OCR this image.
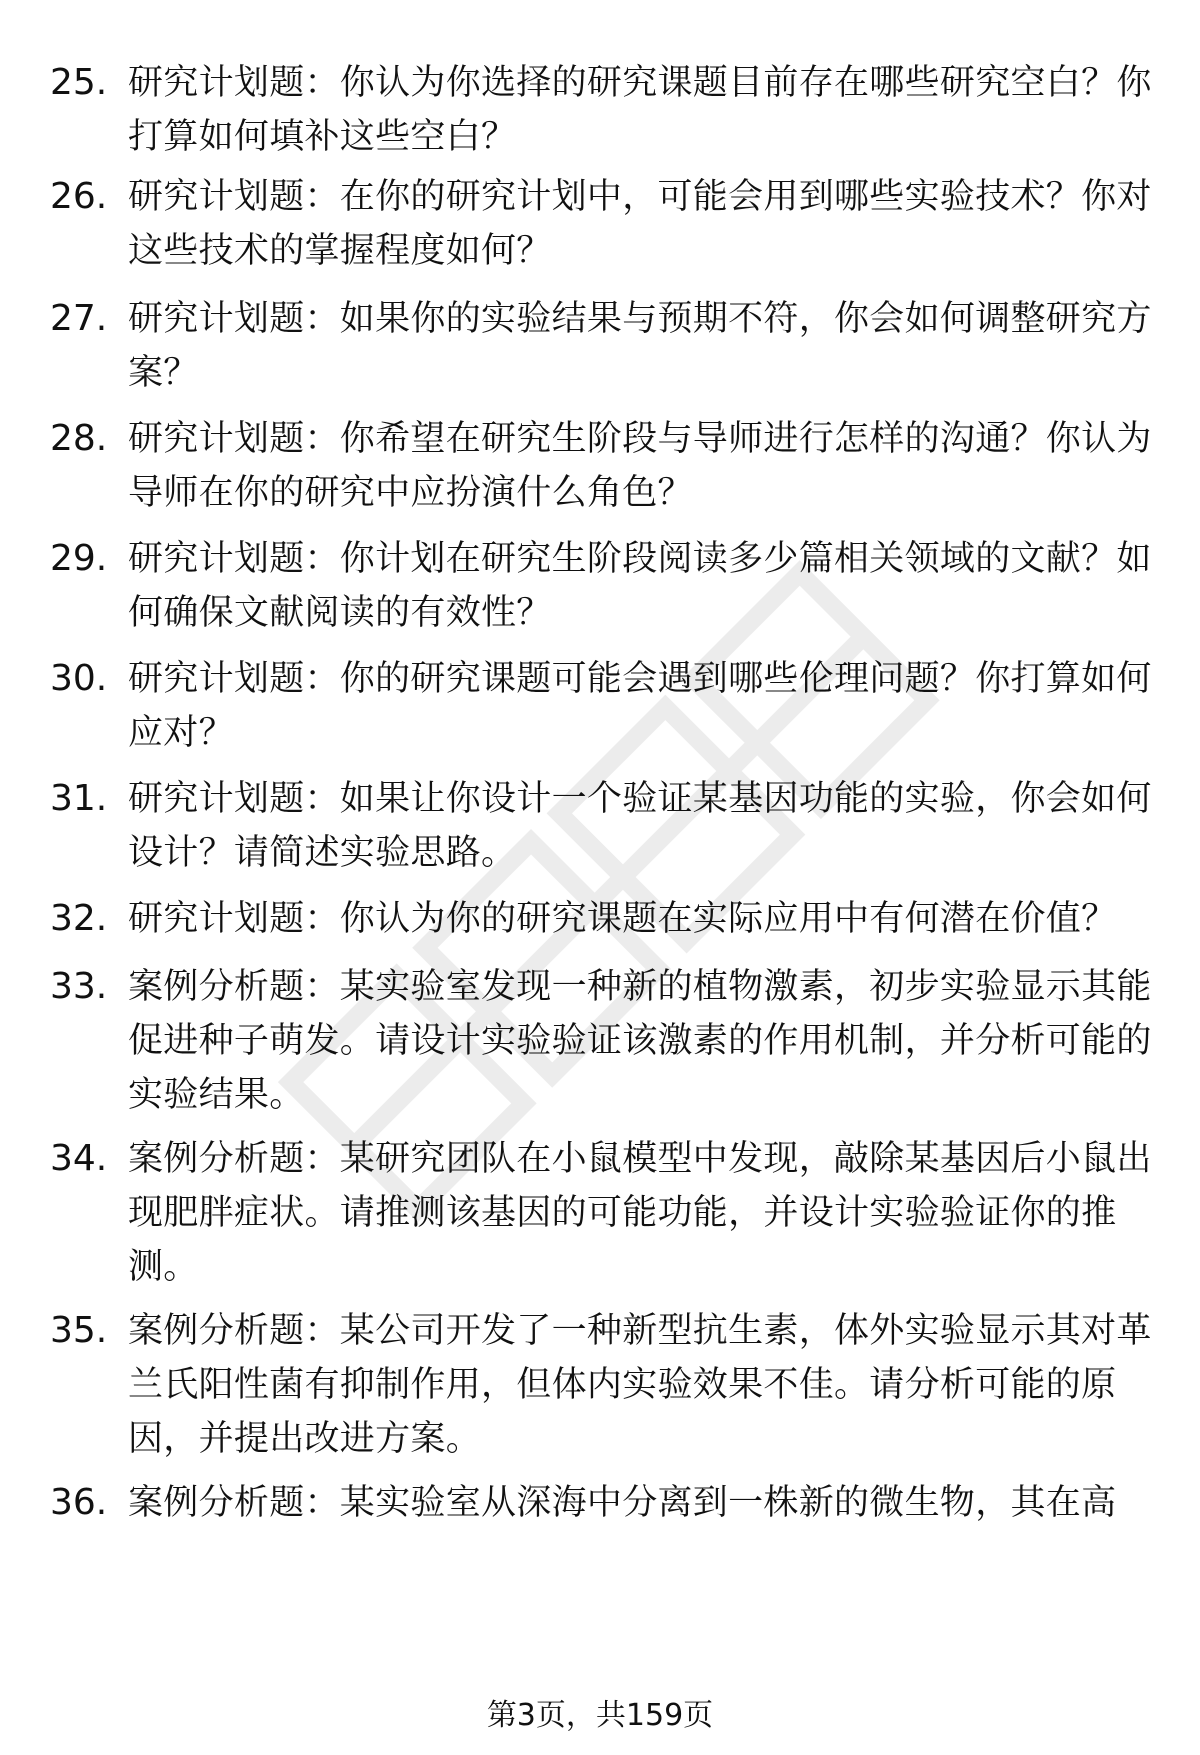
25. 研究计划题：你认为你选择的研究课题目前存在哪些研究空白？你打算如何填补这些空白？
26. 研究计划题：在你的研究计划中，可能会用到哪些实验技术？你对这些技术的掌握程度如何？
27. 研究计划题：如果你的实验结果与预期不符，你会如何调整研究方案？
28. 研究计划题：你希望在研究生阶段与导师进行怎样的沟通？你认为导师在你的研究中应扮演什么角色？
29. 研究计划题：你计划在研究生阶段阅读多少篇相关领域的文献？如何确保文献阅读的有效性？
30. 研究计划题：你的研究课题可能会遇到哪些伦理问题？你打算如何应对？
31. 研究计划题：如果让你设计一个验证某基因功能的实验，你会如何设计？请简述实验思路。
32. 研究计划题：你认为你的研究课题在实际应用中有何潜在价值？
33. 案例分析题：某实验室发现一种新的植物激素，初步实验显示其能促进种子萌发。请设计实验验证该激素的作用机制，并分析可能的实验结果。
34. 案例分析题：某研究团队在小鼠模型中发现，敲除某基因后小鼠出现肥胖症状。请推测该基因的可能功能，并设计实验验证你的推测。
35. 案例分析题：某公司开发了一种新型抗生素，体外实验显示其对革兰氏阳性菌有抑制作用，但体内实验效果不佳。请分析可能的原因，并提出改进方案。
36. 案例分析题：某实验室从深海中分离到一株新的微生物，其在高
第3页，共159页
